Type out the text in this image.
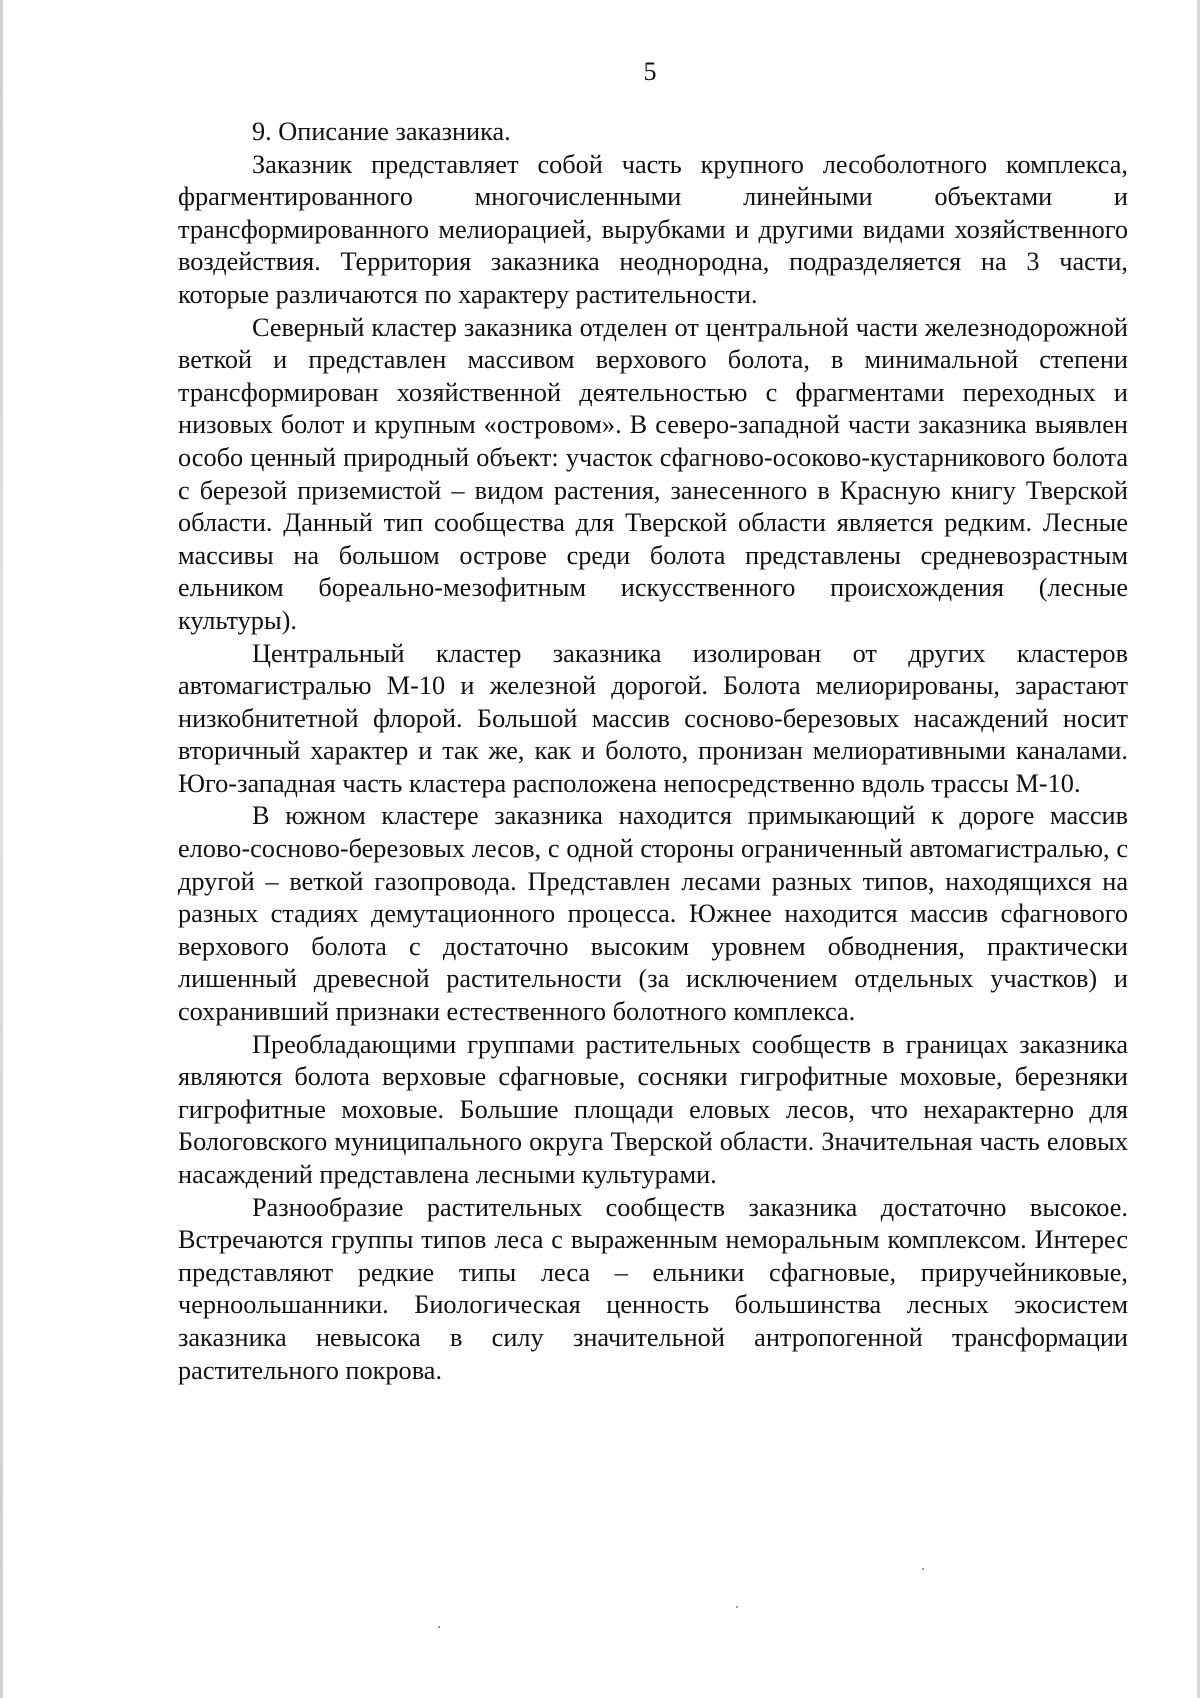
5

9. Описание заказника.

Заказник представляет собой часть крупного лесоболотного комплекса, фрагментированного многочисленными линейными объектами и трансформированного мелиорацией, вырубками и другими видами хозяйственного воздействия. Территория заказника неоднородна, подразделяется на 3 части, которые различаются по характеру растительности.

Северный кластер заказника отделен от центральной части железнодорожной веткой и представлен массивом верхового болота, в минимальной степени трансформирован хозяйственной деятельностью с фрагментами переходных и низовых болот и крупным «островом». В северо-западной части заказника выявлен особо ценный природный объект: участок сфагново-осоково-кустарникового болота с березой приземистой – видом растения, занесенного в Красную книгу Тверской области. Данный тип сообщества для Тверской области является редким. Лесные массивы на большом острове среди болота представлены средневозрастным ельником бореально-мезофитным искусственного происхождения (лесные культуры).

Центральный кластер заказника изолирован от других кластеров автомагистралью М-10 и железной дорогой. Болота мелиорированы, зарастают низкобнитетной флорой. Большой массив сосново-березовых насаждений носит вторичный характер и так же, как и болото, пронизан мелиоративными каналами. Юго-западная часть кластера расположена непосредственно вдоль трассы М-10.

В южном кластере заказника находится примыкающий к дороге массив елово-сосново-березовых лесов, с одной стороны ограниченный автомагистралью, с другой – веткой газопровода. Представлен лесами разных типов, находящихся на разных стадиях демутационного процесса. Южнее находится массив сфагнового верхового болота с достаточно высоким уровнем обводнения, практически лишенный древесной растительности (за исключением отдельных участков) и сохранивший признаки естественного болотного комплекса.

Преобладающими группами растительных сообществ в границах заказника являются болота верховые сфагновые, сосняки гигрофитные моховые, березняки гигрофитные моховые. Большие площади еловых лесов, что нехарактерно для Бологовского муниципального округа Тверской области. Значительная часть еловых насаждений представлена лесными культурами.

Разнообразие растительных сообществ заказника достаточно высокое. Встречаются группы типов леса с выраженным неморальным комплексом. Интерес представляют редкие типы леса – ельники сфагновые, приручейниковые, черноольшанники. Биологическая ценность большинства лесных экосистем заказника невысока в силу значительной антропогенной трансформации растительного покрова.
